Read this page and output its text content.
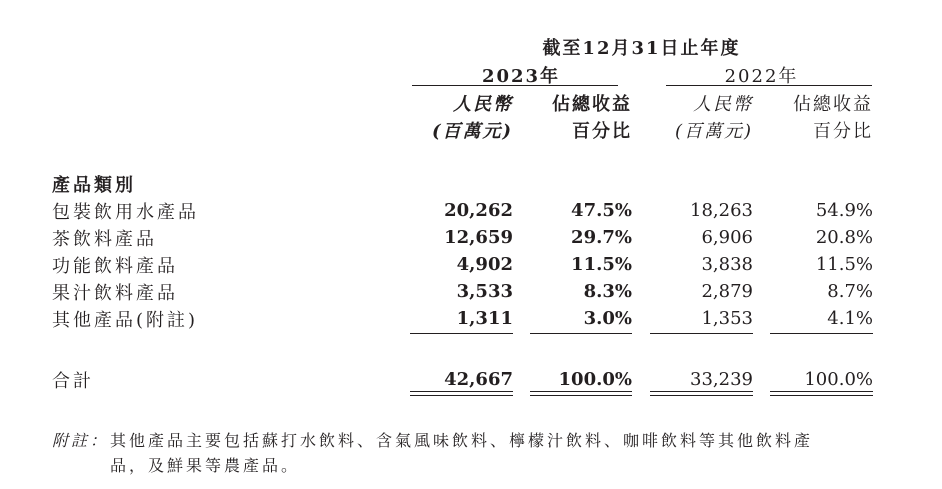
截至12月31日止年度
2023年	2022年
人民幣	佔總收益	人民幣	佔總收益
(百萬元)	百分比	(百萬元)	百分比
產品類別
包裝飲用水產品	20,262	47.5%	18,263	54.9%
茶飲料產品	12,659	29.7%	6,906	20.8%
功能飲料產品	4,902	11.5%	3,838	11.5%
果汁飲料產品	3,533	8.3%	2,879	8.7%
其他產品(附註)	1,311	3.0%	1,353	4.1%
合計	42,667	100.0%	33,239	100.0%
附註： 其他產品主要包括蘇打水飲料、含氣風味飲料、檸檬汁飲料、咖啡飲料等其他飲料產
品，及鮮果等農產品。
